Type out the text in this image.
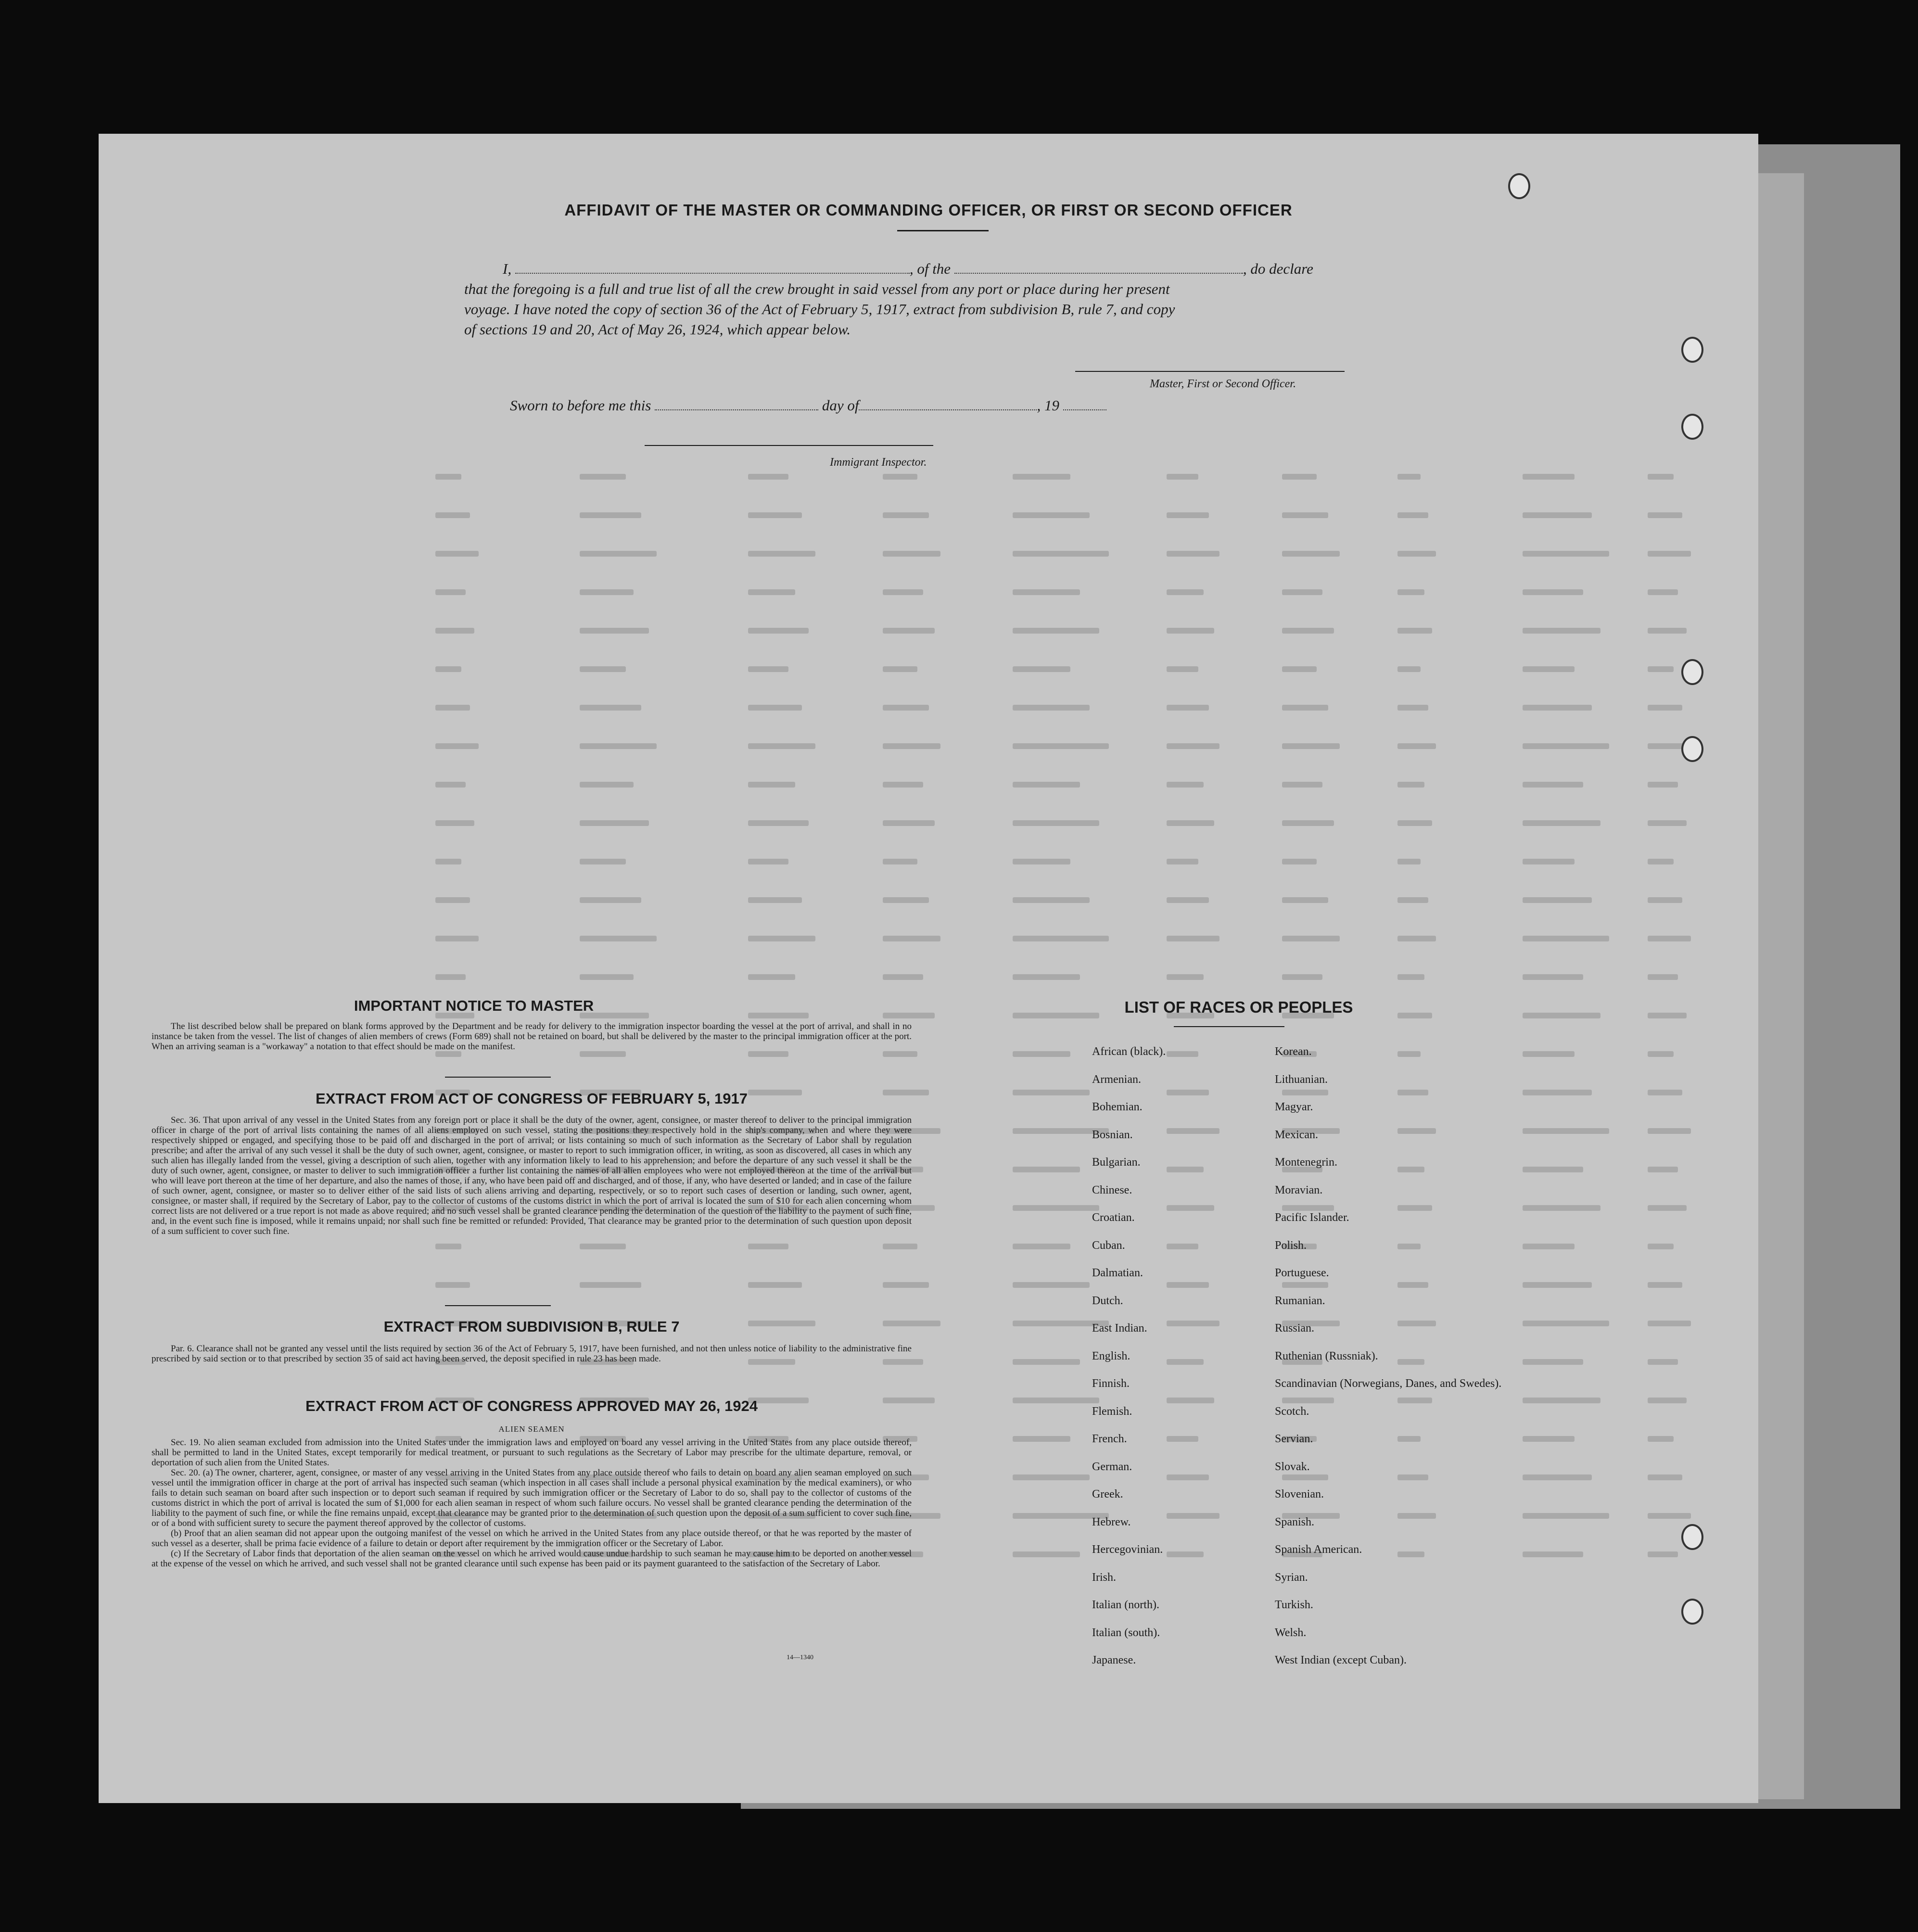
AFFIDAVIT OF THE MASTER OR COMMANDING OFFICER, OR FIRST OR SECOND OFFICER
I,	, of the	, do declare
that the foregoing is a full and true list of all the crew brought in said vessel from any port or place during her present
voyage. I have noted the copy of section 36 of the Act of February 5, 1917, extract from subdivision B, rule 7, and copy
of sections 19 and 20, Act of May 26, 1924, which appear below.
Master, First or Second Officer.
Sworn to before me this	day of	, 19
Immigrant Inspector.
IMPORTANT NOTICE TO MASTER

The list described below shall be prepared on blank forms approved by the Department and be ready for delivery to the immigration inspector boarding the vessel at the port of arrival, and shall in no instance be taken from the vessel. The list of changes of alien members of crews (Form 689) shall not be retained on board, but shall be delivered by the master to the principal immigration officer at the port. When an arriving seaman is a "workaway" a notation to that effect should be made on the manifest.

EXTRACT FROM ACT OF CONGRESS OF FEBRUARY 5, 1917

Sec. 36. That upon arrival of any vessel in the United States from any foreign port or place it shall be the duty of the owner, agent, consignee, or master thereof to deliver to the principal immigration officer in charge of the port of arrival lists containing the names of all aliens employed on such vessel, stating the positions they respectively hold in the ship's company, when and where they were respectively shipped or engaged, and specifying those to be paid off and discharged in the port of arrival; or lists containing so much of such information as the Secretary of Labor shall by regulation prescribe; and after the arrival of any such vessel it shall be the duty of such owner, agent, consignee, or master to report to such immigration officer, in writing, as soon as discovered, all cases in which any such alien has illegally landed from the vessel, giving a description of such alien, together with any information likely to lead to his apprehension; and before the departure of any such vessel it shall be the duty of such owner, agent, consignee, or master to deliver to such immigration officer a further list containing the names of all alien employees who were not employed thereon at the time of the arrival but who will leave port thereon at the time of her departure, and also the names of those, if any, who have been paid off and discharged, and of those, if any, who have deserted or landed; and in case of the failure of such owner, agent, consignee, or master so to deliver either of the said lists of such aliens arriving and departing, respectively, or so to report such cases of desertion or landing, such owner, agent, consignee, or master shall, if required by the Secretary of Labor, pay to the collector of customs of the customs district in which the port of arrival is located the sum of $10 for each alien concerning whom correct lists are not delivered or a true report is not made as above required; and no such vessel shall be granted clearance pending the determination of the question of the liability to the payment of such fine, and, in the event such fine is imposed, while it remains unpaid; nor shall such fine be remitted or refunded: Provided, That clearance may be granted prior to the determination of such question upon deposit of a sum sufficient to cover such fine.

EXTRACT FROM SUBDIVISION B, RULE 7

Par. 6. Clearance shall not be granted any vessel until the lists required by section 36 of the Act of February 5, 1917, have been furnished, and not then unless notice of liability to the administrative fine prescribed by said section or to that prescribed by section 35 of said act having been served, the deposit specified in rule 23 has been made.

EXTRACT FROM ACT OF CONGRESS APPROVED MAY 26, 1924
ALIEN SEAMEN

Sec. 19. No alien seaman excluded from admission into the United States under the immigration laws and employed on board any vessel arriving in the United States from any place outside thereof, shall be permitted to land in the United States, except temporarily for medical treatment, or pursuant to such regulations as the Secretary of Labor may prescribe for the ultimate departure, removal, or deportation of such alien from the United States.

Sec. 20. (a) The owner, charterer, agent, consignee, or master of any vessel arriving in the United States from any place outside thereof who fails to detain on board any alien seaman employed on such vessel until the immigration officer in charge at the port of arrival has inspected such seaman (which inspection in all cases shall include a personal physical examination by the medical examiners), or who fails to detain such seaman on board after such inspection or to deport such seaman if required by such immigration officer or the Secretary of Labor to do so, shall pay to the collector of customs of the customs district in which the port of arrival is located the sum of $1,000 for each alien seaman in respect of whom such failure occurs. No vessel shall be granted clearance pending the determination of the liability to the payment of such fine, or while the fine remains unpaid, except that clearance may be granted prior to the determination of such question upon the deposit of a sum sufficient to cover such fine, or of a bond with sufficient surety to secure the payment thereof approved by the collector of customs.

(b) Proof that an alien seaman did not appear upon the outgoing manifest of the vessel on which he arrived in the United States from any place outside thereof, or that he was reported by the master of such vessel as a deserter, shall be prima facie evidence of a failure to detain or deport after requirement by the immigration officer or the Secretary of Labor.

(c) If the Secretary of Labor finds that deportation of the alien seaman on the vessel on which he arrived would cause undue hardship to such seaman he may cause him to be deported on another vessel at the expense of the vessel on which he arrived, and such vessel shall not be granted clearance until such expense has been paid or its payment guaranteed to the satisfaction of the Secretary of Labor.

14—1340
LIST OF RACES OR PEOPLES
African (black).
Armenian.
Bohemian.
Bosnian.
Bulgarian.
Chinese.
Croatian.
Cuban.
Dalmatian.
Dutch.
East Indian.
English.
Finnish.
Flemish.
French.
German.
Greek.
Hebrew.
Hercegovinian.
Irish.
Italian (north).
Italian (south).
Japanese.
Korean.
Lithuanian.
Magyar.
Mexican.
Montenegrin.
Moravian.
Pacific Islander.
Polish.
Portuguese.
Rumanian.
Russian.
Ruthenian (Russniak).
Scandinavian (Norwegians, Danes, and Swedes).
Scotch.
Servian.
Slovak.
Slovenian.
Spanish.
Spanish American.
Syrian.
Turkish.
Welsh.
West Indian (except Cuban).
